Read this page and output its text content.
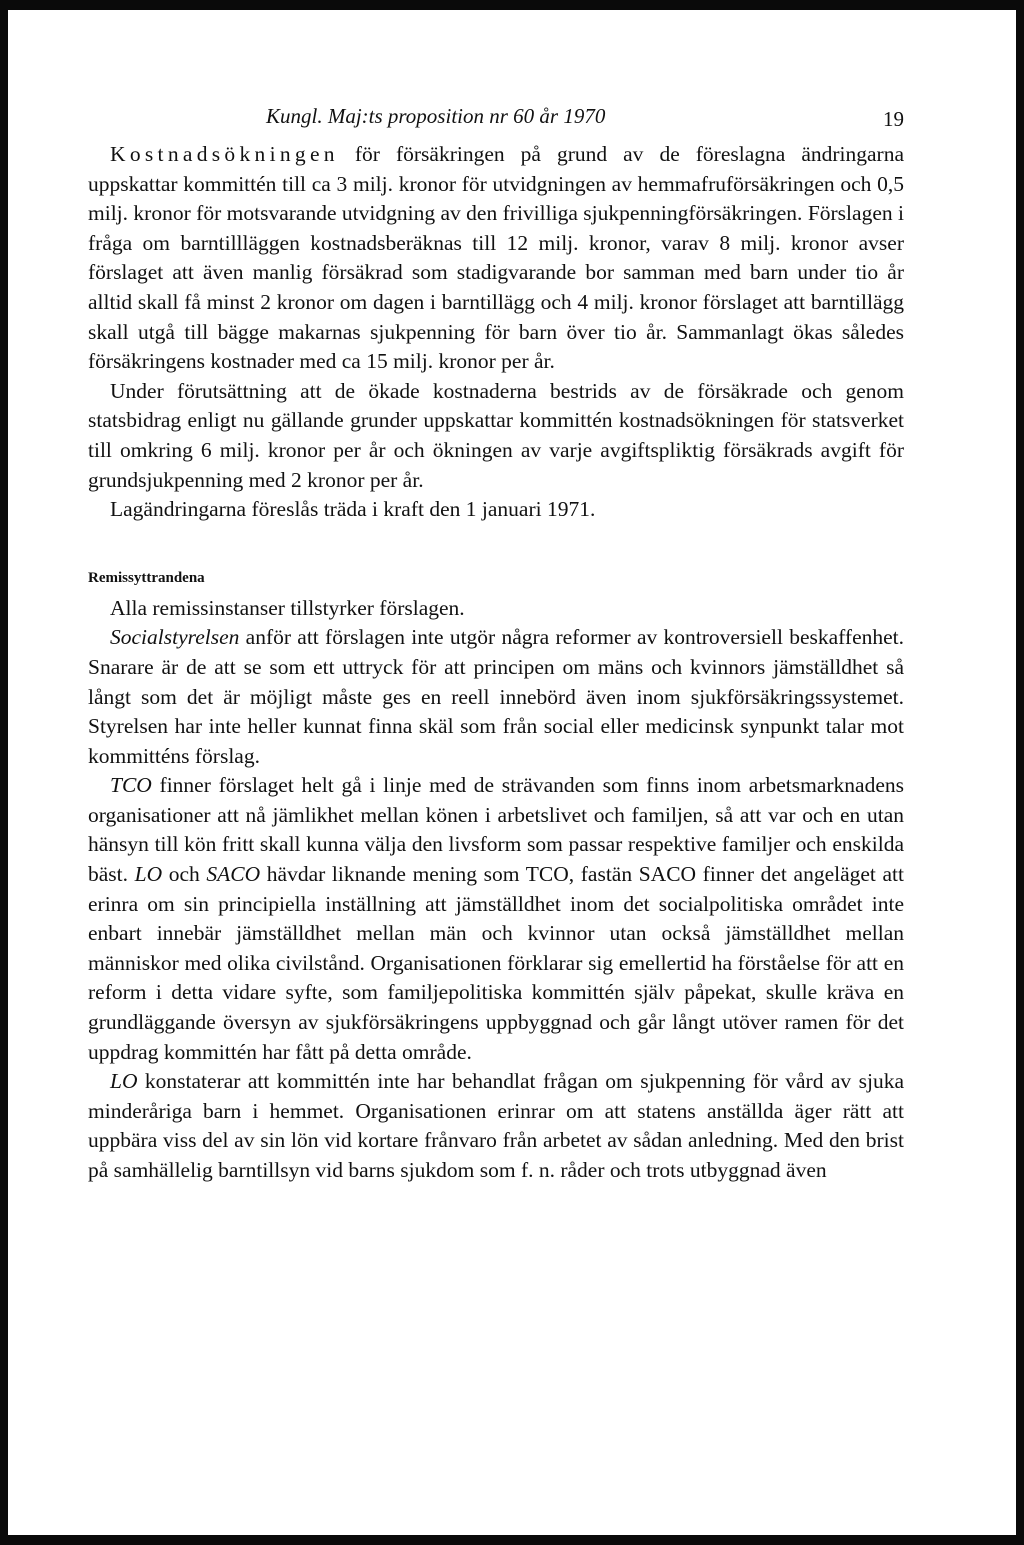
Kungl. Maj:ts proposition nr 60 år 1970	19

Kostnadsökningen för försäkringen på grund av de föreslagna ändringarna uppskattar kommittén till ca 3 milj. kronor för utvidgningen av hemmafruförsäkringen och 0,5 milj. kronor för motsvarande utvidgning av den frivilliga sjukpenningförsäkringen. Förslagen i fråga om barntillläggen kostnadsberäknas till 12 milj. kronor, varav 8 milj. kronor avser förslaget att även manlig försäkrad som stadigvarande bor samman med barn under tio år alltid skall få minst 2 kronor om dagen i barntillägg och 4 milj. kronor förslaget att barntillägg skall utgå till bägge makarnas sjukpenning för barn över tio år. Sammanlagt ökas således försäkringens kostnader med ca 15 milj. kronor per år.

Under förutsättning att de ökade kostnaderna bestrids av de försäkrade och genom statsbidrag enligt nu gällande grunder uppskattar kommittén kostnadsökningen för statsverket till omkring 6 milj. kronor per år och ökningen av varje avgiftspliktig försäkrads avgift för grundsjukpenning med 2 kronor per år.

Lagändringarna föreslås träda i kraft den 1 januari 1971.

Remissyttrandena

Alla remissinstanser tillstyrker förslagen.

Socialstyrelsen anför att förslagen inte utgör några reformer av kontroversiell beskaffenhet. Snarare är de att se som ett uttryck för att principen om mäns och kvinnors jämställdhet så långt som det är möjligt måste ges en reell innebörd även inom sjukförsäkringssystemet. Styrelsen har inte heller kunnat finna skäl som från social eller medicinsk synpunkt talar mot kommitténs förslag.

TCO finner förslaget helt gå i linje med de strävanden som finns inom arbetsmarknadens organisationer att nå jämlikhet mellan könen i arbetslivet och familjen, så att var och en utan hänsyn till kön fritt skall kunna välja den livsform som passar respektive familjer och enskilda bäst. LO och SACO hävdar liknande mening som TCO, fastän SACO finner det angeläget att erinra om sin principiella inställning att jämställdhet inom det socialpolitiska området inte enbart innebär jämställdhet mellan män och kvinnor utan också jämställdhet mellan människor med olika civilstånd. Organisationen förklarar sig emellertid ha förståelse för att en reform i detta vidare syfte, som familjepolitiska kommittén själv påpekat, skulle kräva en grundläggande översyn av sjukförsäkringens uppbyggnad och går långt utöver ramen för det uppdrag kommittén har fått på detta område.

LO konstaterar att kommittén inte har behandlat frågan om sjukpenning för vård av sjuka minderåriga barn i hemmet. Organisationen erinrar om att statens anställda äger rätt att uppbära viss del av sin lön vid kortare frånvaro från arbetet av sådan anledning. Med den brist på samhällelig barntillsyn vid barns sjukdom som f. n. råder och trots utbyggnad även
